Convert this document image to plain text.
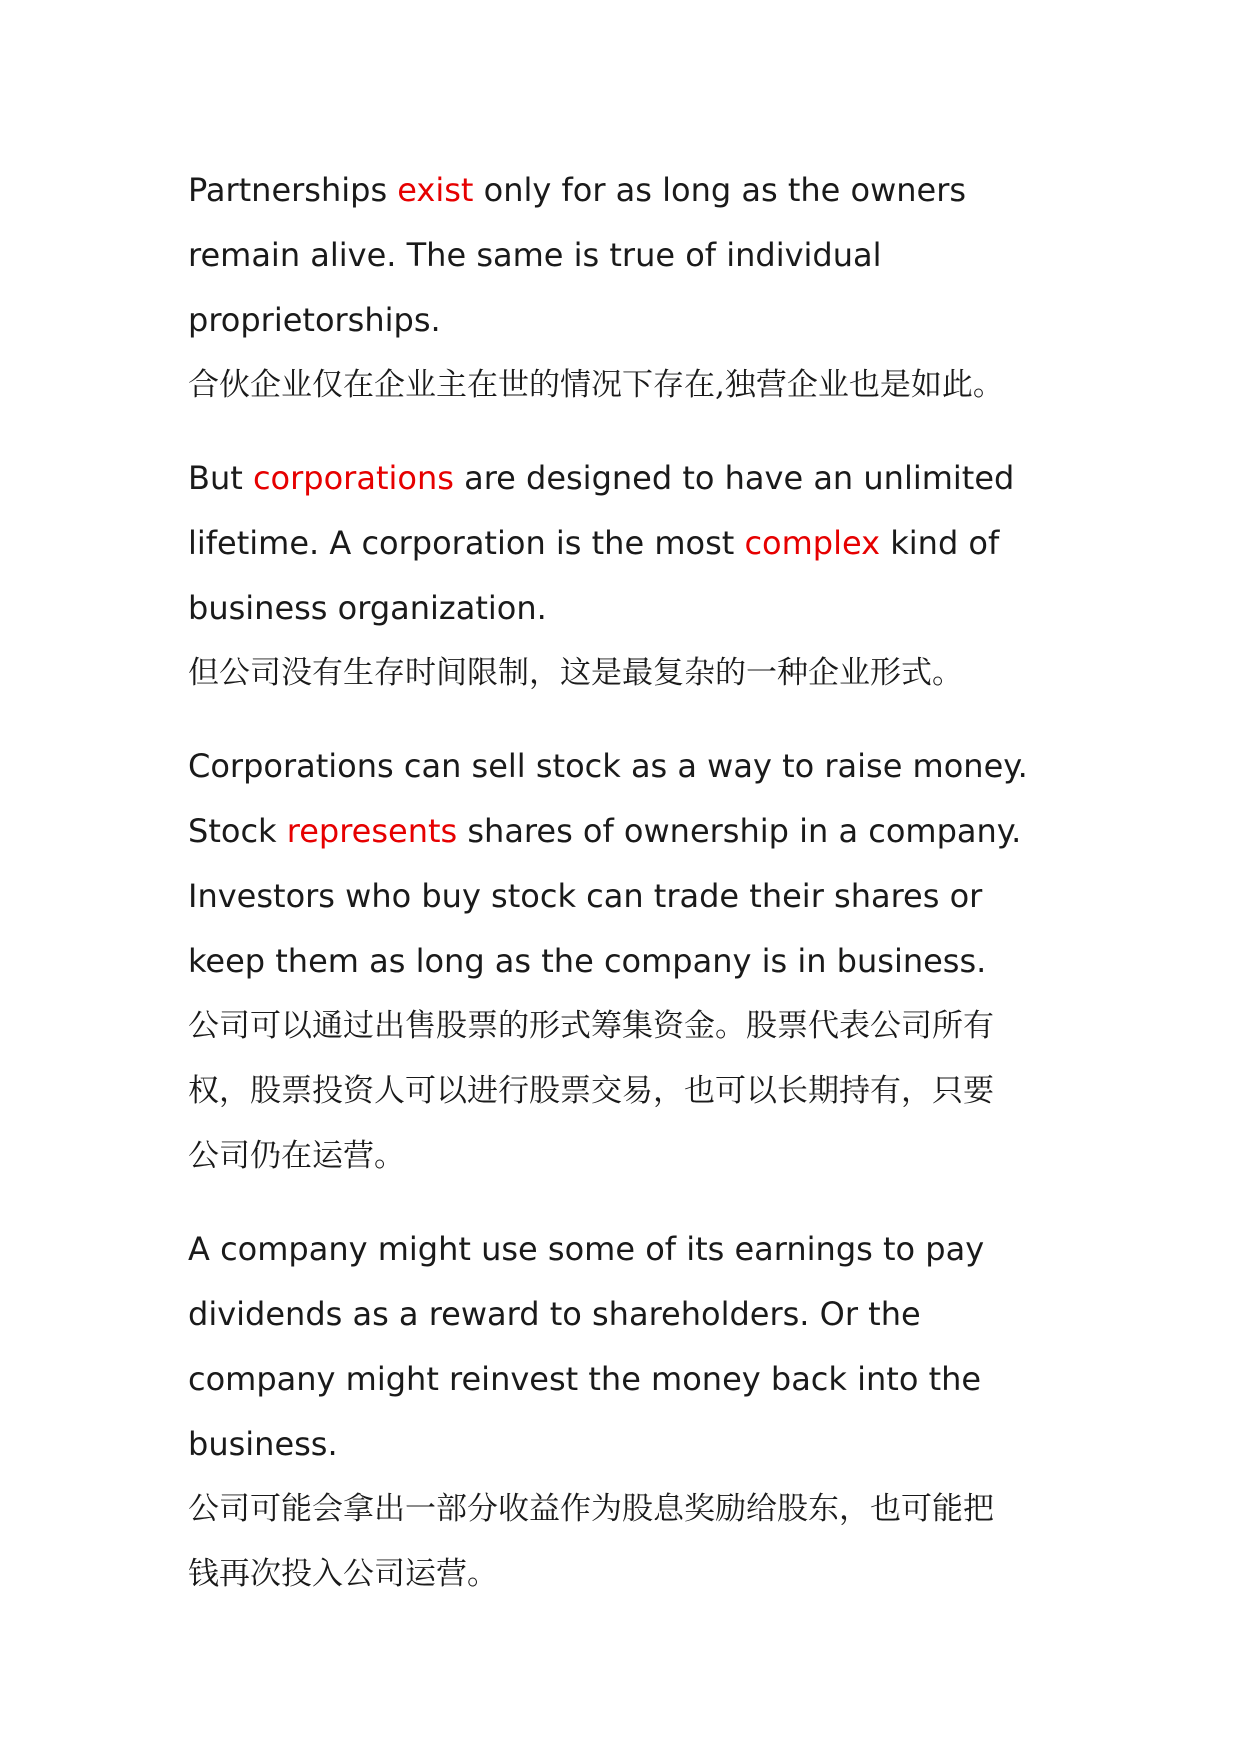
Partnerships exist only for as long as the owners
remain alive. The same is true of individual
proprietorships.

合伙企业仅在企业主在世的情况下存在,独营企业也是如此。

But corporations are designed to have an unlimited
lifetime. A corporation is the most complex kind of
business organization.

但公司没有生存时间限制，这是最复杂的一种企业形式。

Corporations can sell stock as a way to raise money.
Stock represents shares of ownership in a company.
Investors who buy stock can trade their shares or
keep them as long as the company is in business.

公司可以通过出售股票的形式筹集资金。股票代表公司所有
权，股票投资人可以进行股票交易，也可以长期持有，只要
公司仍在运营。

A company might use some of its earnings to pay
dividends as a reward to shareholders. Or the
company might reinvest the money back into the
business.

公司可能会拿出一部分收益作为股息奖励给股东，也可能把
钱再次投入公司运营。
